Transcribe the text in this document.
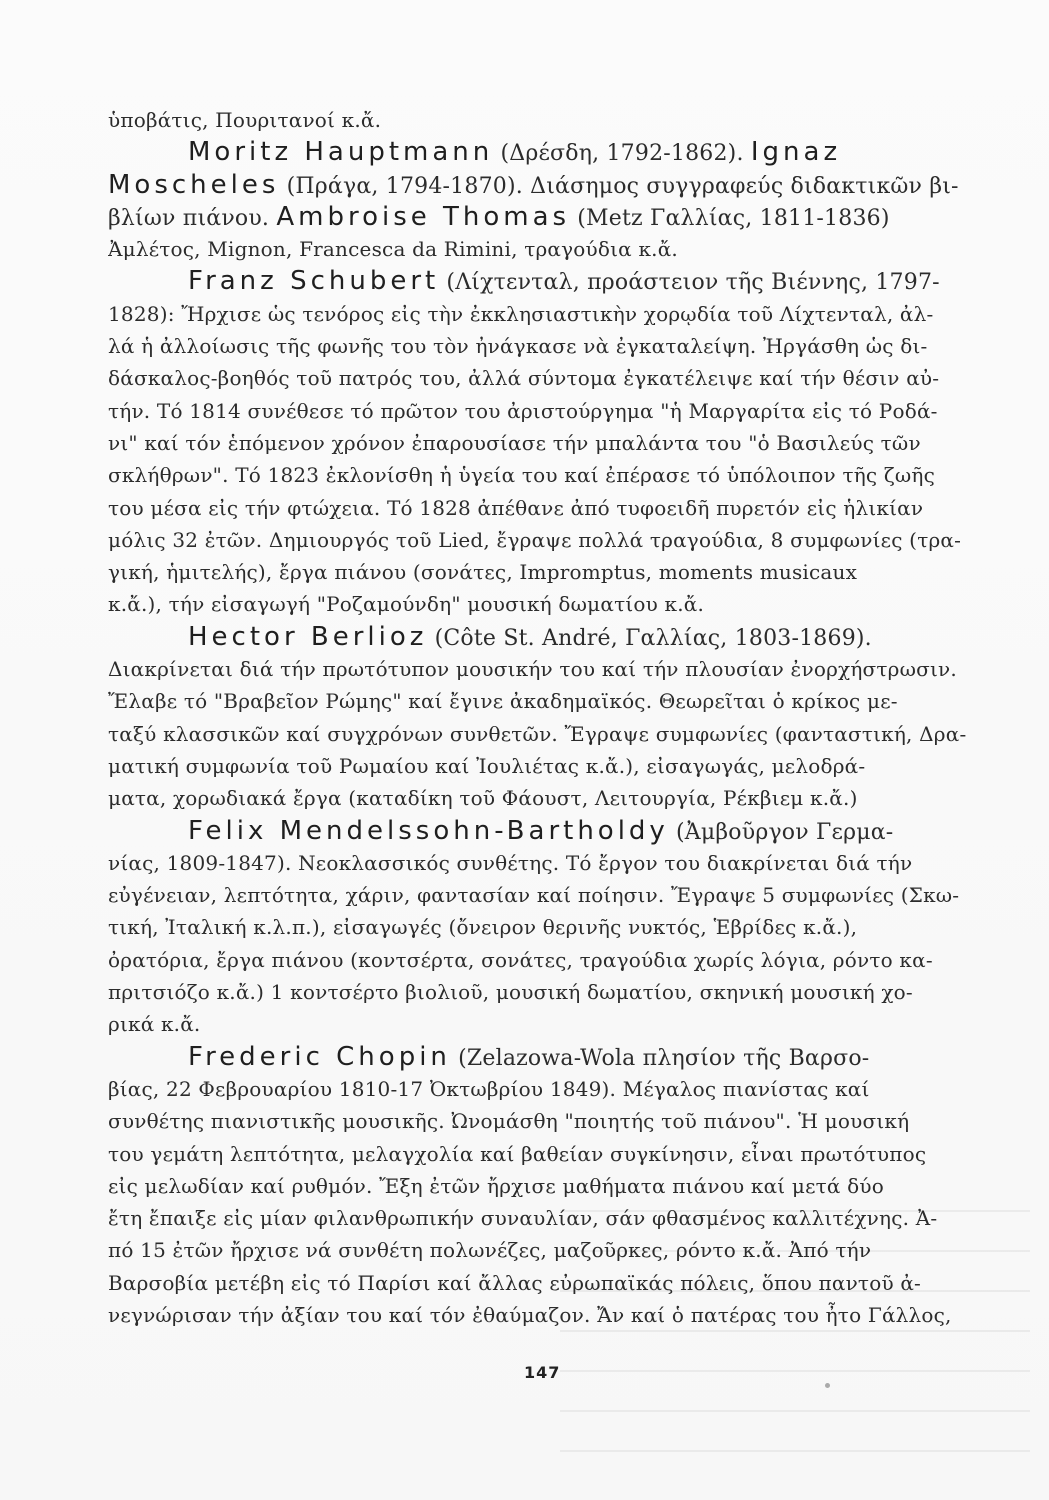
ὑποβάτις, Πουριτανοί κ.ἄ.
Moritz Hauptmann (Δρέσδη, 1792-1862). Ignaz
Moscheles (Πράγα, 1794-1870). Διάσημος συγγραφεύς διδακτικῶν βι-
βλίων πιάνου. Ambroise Thomas (Metz Γαλλίας, 1811-1836)
Ἀμλέτος, Mignon, Francesca da Rimini, τραγούδια κ.ἄ.
Franz Schubert (Λίχτενταλ, προάστειον τῆς Βιέννης, 1797-
1828): Ἤρχισε ὡς τενόρος εἰς τὴν ἐκκλησιαστικὴν χορῳδία τοῦ Λίχτενταλ, ἀλ-
λά ἡ ἀλλοίωσις τῆς φωνῆς του τὸν ἠνάγκασε νὰ ἐγκαταλείψη. Ἠργάσθη ὡς δι-
δάσκαλος-βοηθός τοῦ πατρός του, ἀλλά σύντομα ἐγκατέλειψε καί τήν θέσιν αὐ-
τήν. Τό 1814 συνέθεσε τό πρῶτον του ἀριστούργημα "ἡ Μαργαρίτα εἰς τό Ροδά-
νι" καί τόν ἑπόμενον χρόνον ἐπαρουσίασε τήν μπαλάντα του "ὁ Βασιλεύς τῶν
σκλήθρων". Τό 1823 ἐκλονίσθη ἡ ὑγεία του καί ἐπέρασε τό ὑπόλοιπον τῆς ζωῆς
του μέσα εἰς τήν φτώχεια. Τό 1828 ἀπέθανε ἀπό τυφοειδῆ πυρετόν εἰς ἡλικίαν
μόλις 32 ἐτῶν. Δημιουργός τοῦ Lied, ἔγραψε πολλά τραγούδια, 8 συμφωνίες (τρα-
γική, ἡμιτελής), ἔργα πιάνου (σονάτες, Impromptus, moments musicaux
κ.ἄ.), τήν εἰσαγωγή "Ροζαμούνδη" μουσική δωματίου κ.ἄ.
Hector Berlioz (Côte St. André, Γαλλίας, 1803-1869).
Διακρίνεται διά τήν πρωτότυπον μουσικήν του καί τήν πλουσίαν ἐνορχήστρωσιν.
Ἔλαβε τό "Βραβεῖον Ρώμης" καί ἔγινε ἀκαδημαϊκός. Θεωρεῖται ὁ κρίκος με-
ταξύ κλασσικῶν καί συγχρόνων συνθετῶν. Ἔγραψε συμφωνίες (φανταστική, Δρα-
ματική συμφωνία τοῦ Ρωμαίου καί Ἰουλιέτας κ.ἄ.), εἰσαγωγάς, μελοδρά-
ματα, χορωδιακά ἔργα (καταδίκη τοῦ Φάουστ, Λειτουργία, Ρέκβιεμ κ.ἄ.)
Felix Mendelssohn-Bartholdy (Ἀμβοῦργον Γερμα-
νίας, 1809-1847). Νεοκλασσικός συνθέτης. Τό ἔργον του διακρίνεται διά τήν
εὐγένειαν, λεπτότητα, χάριν, φαντασίαν καί ποίησιν. Ἔγραψε 5 συμφωνίες (Σκω-
τική, Ἰταλική κ.λ.π.), εἰσαγωγές (ὄνειρον θερινῆς νυκτός, Ἑβρίδες κ.ἄ.),
ὀρατόρια, ἔργα πιάνου (κοντσέρτα, σονάτες, τραγούδια χωρίς λόγια, ρόντο κα-
πριτσιόζο κ.ἄ.) 1 κοντσέρτο βιολιοῦ, μουσική δωματίου, σκηνική μουσική χο-
ρικά κ.ἄ.
Frederic Chopin (Zelazowa-Wola πλησίον τῆς Βαρσο-
βίας, 22 Φεβρουαρίου 1810-17 Ὀκτωβρίου 1849). Μέγαλος πιανίστας καί
συνθέτης πιανιστικῆς μουσικῆς. Ὠνομάσθη "ποιητής τοῦ πιάνου". Ἡ μουσική
του γεμάτη λεπτότητα, μελαγχολία καί βαθείαν συγκίνησιν, εἶναι πρωτότυπος
εἰς μελωδίαν καί ρυθμόν. Ἔξη ἐτῶν ἤρχισε μαθήματα πιάνου καί μετά δύο
ἔτη ἔπαιξε εἰς μίαν φιλανθρωπικήν συναυλίαν, σάν φθασμένος καλλιτέχνης. Ἀ-
πό 15 ἐτῶν ἤρχισε νά συνθέτη πολωνέζες, μαζοῦρκες, ρόντο κ.ἄ. Ἀπό τήν
Βαρσοβία μετέβη εἰς τό Παρίσι καί ἄλλας εὐρωπαϊκάς πόλεις, ὅπου παντοῦ ἀ-
νεγνώρισαν τήν ἀξίαν του καί τόν ἐθαύμαζον. Ἄν καί ὁ πατέρας του ἦτο Γάλλος,
147
